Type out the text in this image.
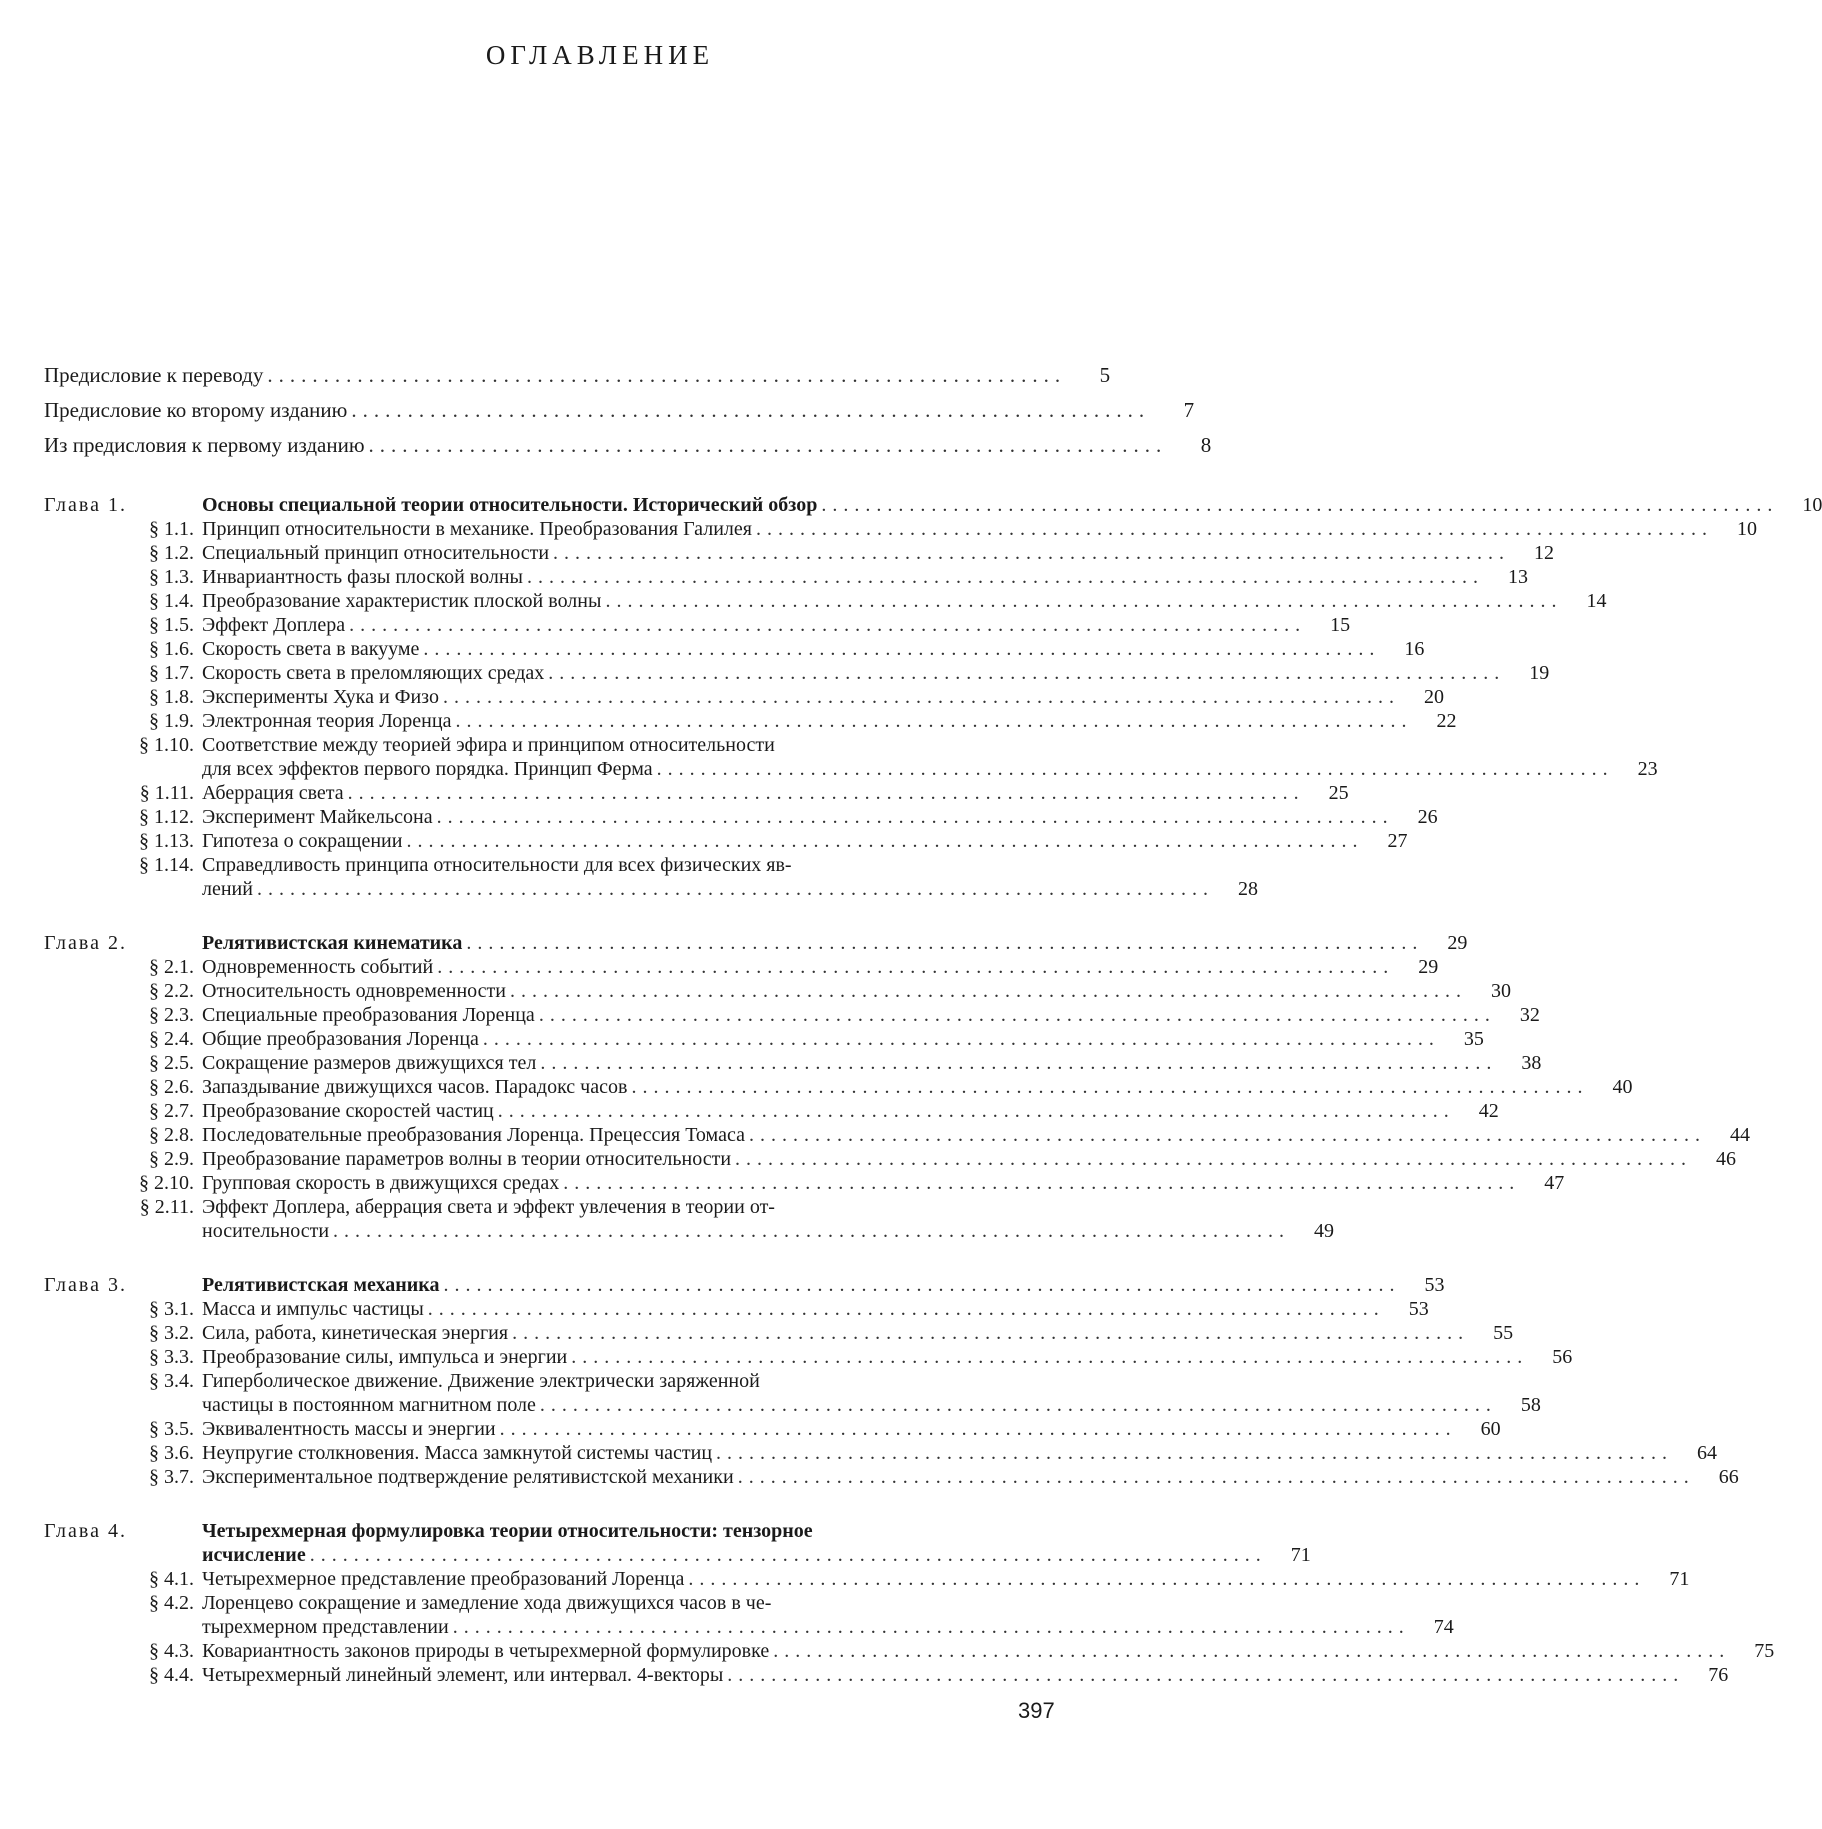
ОГЛАВЛЕНИЕ
Предисловие к переводу .......................................................................	5
Предисловие ко второму изданию .......................................................................	7
Из предисловия к первому изданию .......................................................................	8
Глава 1.	Основы специальной теории относительности. Исторический обзор .......................................................................................	10
§ 1.1. Принцип относительности в механике. Преобразования Галилея .......................................................................................	10
§ 1.2. Специальный принцип относительности .......................................................................................	12
§ 1.3. Инвариантность фазы плоской волны .......................................................................................	13
§ 1.4. Преобразование характеристик плоской волны .......................................................................................	14
§ 1.5. Эффект Доплера .......................................................................................	15
§ 1.6. Скорость света в вакууме .......................................................................................	16
§ 1.7. Скорость света в преломляющих средах .......................................................................................	19
§ 1.8. Эксперименты Хука и Физо .......................................................................................	20
§ 1.9. Электронная теория Лоренца .......................................................................................	22
§ 1.10. Соответствие между теорией эфира и принципом относительности
для всех эффектов первого порядка. Принцип Ферма .......................................................................................	23
§ 1.11. Аберрация света .......................................................................................	25
§ 1.12. Эксперимент Майкельсона .......................................................................................	26
§ 1.13. Гипотеза о сокращении .......................................................................................	27
§ 1.14. Справедливость принципа относительности для всех физических яв-
лений .......................................................................................	28
Глава 2.	Релятивистская кинематика .......................................................................................	29
§ 2.1. Одновременность событий .......................................................................................	29
§ 2.2. Относительность одновременности .......................................................................................	30
§ 2.3. Специальные преобразования Лоренца .......................................................................................	32
§ 2.4. Общие преобразования Лоренца .......................................................................................	35
§ 2.5. Сокращение размеров движущихся тел .......................................................................................	38
§ 2.6. Запаздывание движущихся часов. Парадокс часов .......................................................................................	40
§ 2.7. Преобразование скоростей частиц .......................................................................................	42
§ 2.8. Последовательные преобразования Лоренца. Прецессия Томаса .......................................................................................	44
§ 2.9. Преобразование параметров волны в теории относительности .......................................................................................	46
§ 2.10. Групповая скорость в движущихся средах .......................................................................................	47
§ 2.11. Эффект Доплера, аберрация света и эффект увлечения в теории от-
носительности .......................................................................................	49
Глава 3.	Релятивистская механика .......................................................................................	53
§ 3.1. Масса и импульс частицы .......................................................................................	53
§ 3.2. Сила, работа, кинетическая энергия .......................................................................................	55
§ 3.3. Преобразование силы, импульса и энергии .......................................................................................	56
§ 3.4. Гиперболическое движение. Движение электрически заряженной
частицы в постоянном магнитном поле .......................................................................................	58
§ 3.5. Эквивалентность массы и энергии .......................................................................................	60
§ 3.6. Неупругие столкновения. Масса замкнутой системы частиц .......................................................................................	64
§ 3.7. Экспериментальное подтверждение релятивистской механики .......................................................................................	66
Глава 4.	Четырехмерная формулировка теории относительности: тензорное
исчисление .......................................................................................	71
§ 4.1. Четырехмерное представление преобразований Лоренца .......................................................................................	71
§ 4.2. Лоренцево сокращение и замедление хода движущихся часов в че-
тырехмерном представлении .......................................................................................	74
§ 4.3. Ковариантность законов природы в четырехмерной формулировке .......................................................................................	75
§ 4.4. Четырехмерный линейный элемент, или интервал. 4-векторы .......................................................................................	76
397
